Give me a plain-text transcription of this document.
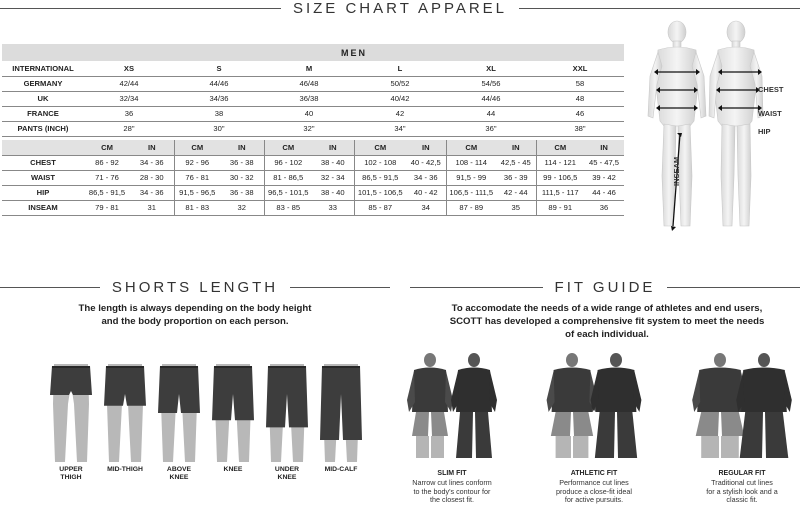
SIZE CHART APPAREL
	MEN											
INTERNATIONAL	XS		S		M		L		XL		XXL	
GERMANY	42/44		44/46		46/48		50/52		54/56		58	
UK	32/34		34/36		36/38		40/42		44/46		48	
FRANCE	36		38		40		42		44		46	
PANTS (INCH)	28"		30"		32"		34"		36"		38"	

	CM	IN	CM	IN	CM	IN	CM	IN	CM	IN	CM	IN
CHEST	86 - 92	34 - 36	92 - 96	36 - 38	96 - 102	38 - 40	102 - 108	40 - 42,5	108 - 114	42,5 - 45	114 - 121	45 - 47,5
WAIST	71 - 76	28 - 30	76 - 81	30 - 32	81 - 86,5	32 - 34	86,5 - 91,5	34 - 36	91,5 - 99	36 - 39	99 - 106,5	39 - 42
HIP	86,5 - 91,5	34 - 36	91,5 - 96,5	36 - 38	96,5 - 101,5	38 - 40	101,5 - 106,5	40 - 42	106,5 - 111,5	42 - 44	111,5 - 117	44 - 46
INSEAM	79 - 81	31	81 - 83	32	83 - 85	33	85 - 87	34	87 - 89	35	89 - 91	36
CHEST
WAIST
HIP
INSEAM
SHORTS LENGTH
The length is always depending on the body height
and the body proportion on each person.
UPPER
THIGH
MID-THIGH	ABOVE
KNEE
KNEE	UNDER
KNEE
MID-CALF
FIT GUIDE
To accomodate the needs of a wide range of athletes and end users,
SCOTT has developed a comprehensive fit system to meet the needs
of each individual.
SLIM FIT
Narrow cut lines conform
to the body's contour for
the closest fit.
ATHLETIC FIT
Performance cut lines
produce a close-fit ideal
for active pursuits.
REGULAR FIT
Traditional cut lines
for a stylish look and a
classic fit.
